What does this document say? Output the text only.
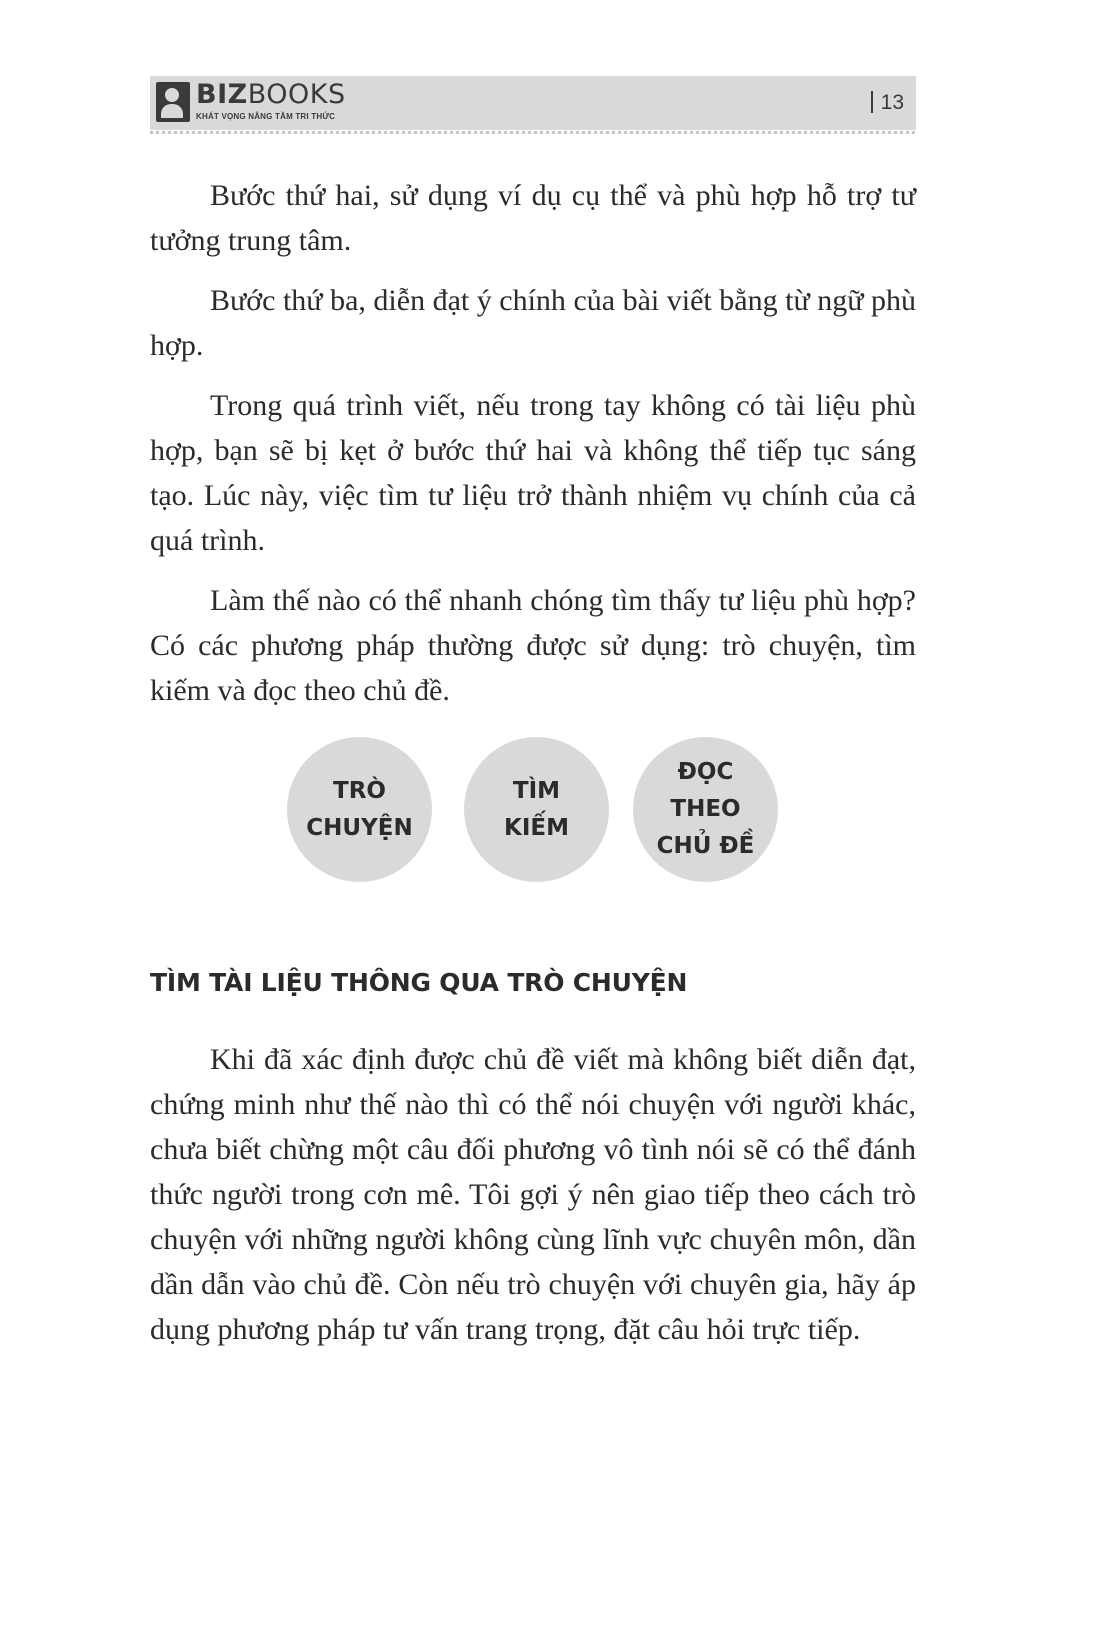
BIZBOOKS
KHÁT VỌNG NÂNG TẦM TRI THỨC
13

Bước thứ hai, sử dụng ví dụ cụ thể và phù hợp hỗ trợ tư tưởng trung tâm.

Bước thứ ba, diễn đạt ý chính của bài viết bằng từ ngữ phù hợp.

Trong quá trình viết, nếu trong tay không có tài liệu phù hợp, bạn sẽ bị kẹt ở bước thứ hai và không thể tiếp tục sáng tạo. Lúc này, việc tìm tư liệu trở thành nhiệm vụ chính của cả quá trình.

Làm thế nào có thể nhanh chóng tìm thấy tư liệu phù hợp? Có các phương pháp thường được sử dụng: trò chuyện, tìm kiếm và đọc theo chủ đề.

TRÒ CHUYỆN
TÌM KIẾM
ĐỌC THEO CHỦ ĐỀ
TÌM TÀI LIỆU THÔNG QUA TRÒ CHUYỆN

Khi đã xác định được chủ đề viết mà không biết diễn đạt, chứng minh như thế nào thì có thể nói chuyện với người khác, chưa biết chừng một câu đối phương vô tình nói sẽ có thể đánh thức người trong cơn mê. Tôi gợi ý nên giao tiếp theo cách trò chuyện với những người không cùng lĩnh vực chuyên môn, dần dần dẫn vào chủ đề. Còn nếu trò chuyện với chuyên gia, hãy áp dụng phương pháp tư vấn trang trọng, đặt câu hỏi trực tiếp.
